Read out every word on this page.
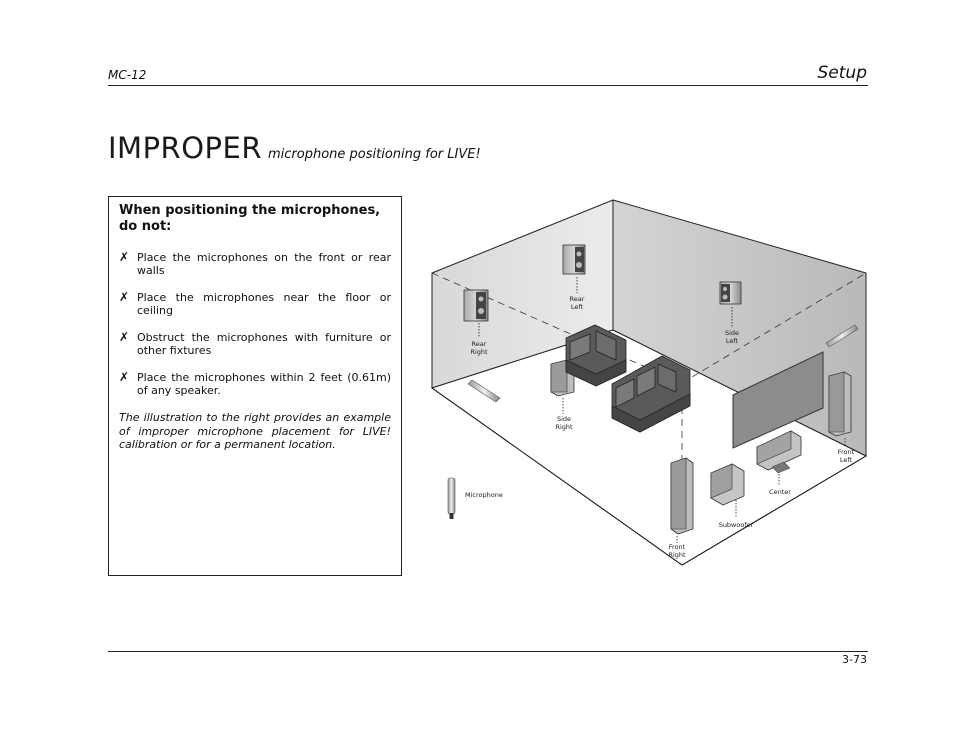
MC-12	Setup
IMPROPER microphone positioning for LIVE!
When positioning the microphones, do not:
✗ Place the microphones on the front or rear walls
✗ Place the microphones near the floor or ceiling
✗ Obstruct the microphones with furniture or other fixtures
✗ Place the microphones within 2 feet (0.61m) of any speaker.
The illustration to the right provides an example of improper microphone placement for LIVE! calibration or for a permanent location.
Rear
Left
Rear
Right
Side
Left
Side
Right
Front
Left
Center
Subwoofer
Front
Right
Microphone
3-73
